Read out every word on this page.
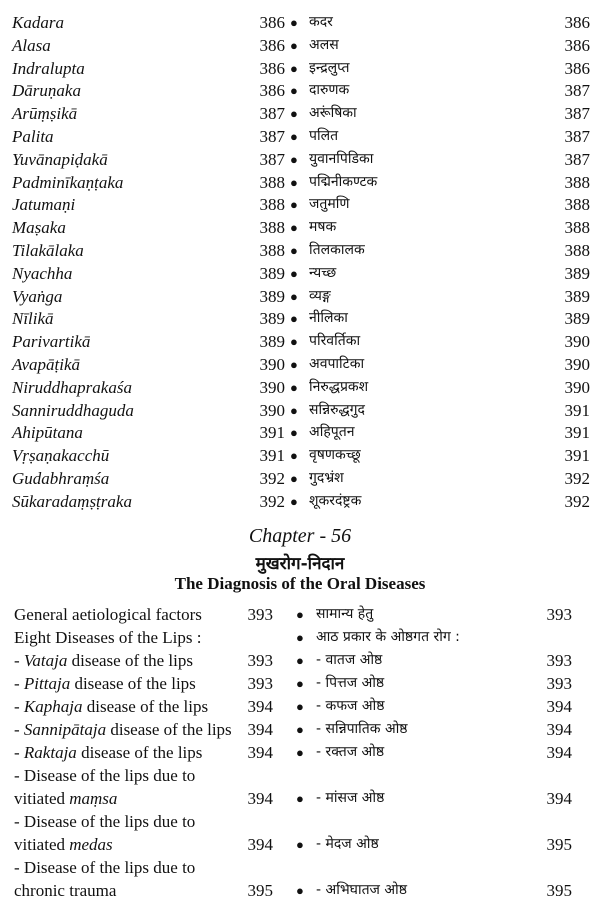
Kadara	386 ● कदर	386
Alasa	386 ● अलस	386
Indralupta	386 ● इन्द्रलुप्त	386
Dāruṇaka	386 ● दारुणक	387
Arūṃṣikā	387 ● अरूंषिका	387
Palita	387 ● पलित	387
Yuvānapiḍakā	387 ● युवानपिडिका	387
Padminīkaṇṭaka	388 ● पद्मिनीकण्टक	388
Jatumaṇi	388 ● जतुमणि	388
Maṣaka	388 ● मषक	388
Tilakālaka	388 ● तिलकालक	388
Nyachha	389 ● न्यच्छ	389
Vyaṅga	389 ● व्यङ्ग	389
Nīlikā	389 ● नीलिका	389
Parivartikā	389 ● परिवर्तिका	390
Avapāṭikā	390 ● अवपाटिका	390
Niruddhaprakaśa	390 ● निरुद्धप्रकश	390
Sanniruddhaguda	390 ● सन्निरुद्धगुद	391
Ahipūtana	391 ● अहिपूतन	391
Vṛṣaṇakacchū	391 ● वृषणकच्छू	391
Gudabhraṃśa	392 ● गुदभ्रंश	392
Sūkaradaṃṣṭraka	392 ● शूकरदंष्ट्रक	392
Chapter - 56
मुखरोग-निदान
The Diagnosis of the Oral Diseases
General aetiological factors	393 ● सामान्य हेतु	393
Eight Diseases of the Lips :	● आठ प्रकार के ओष्ठगत रोग :
- Vataja disease of the lips	393 ● - वातज ओष्ठ	393
- Pittaja disease of the lips	393 ● - पित्तज ओष्ठ	393
- Kaphaja disease of the lips 394 ● - कफज ओष्ठ	394
- Sannipātaja disease of the lips 394 ● - सन्निपातिक ओष्ठ	394
- Raktaja disease of the lips	394 ● - रक्तज ओष्ठ	394
- Disease of the lips due to
vitiated maṃsa	394 ● - मांसज ओष्ठ	394
- Disease of the lips due to
vitiated medas	394 ● - मेदज ओष्ठ	395
- Disease of the lips due to
chronic trauma	395 ● - अभिघातज ओष्ठ	395
